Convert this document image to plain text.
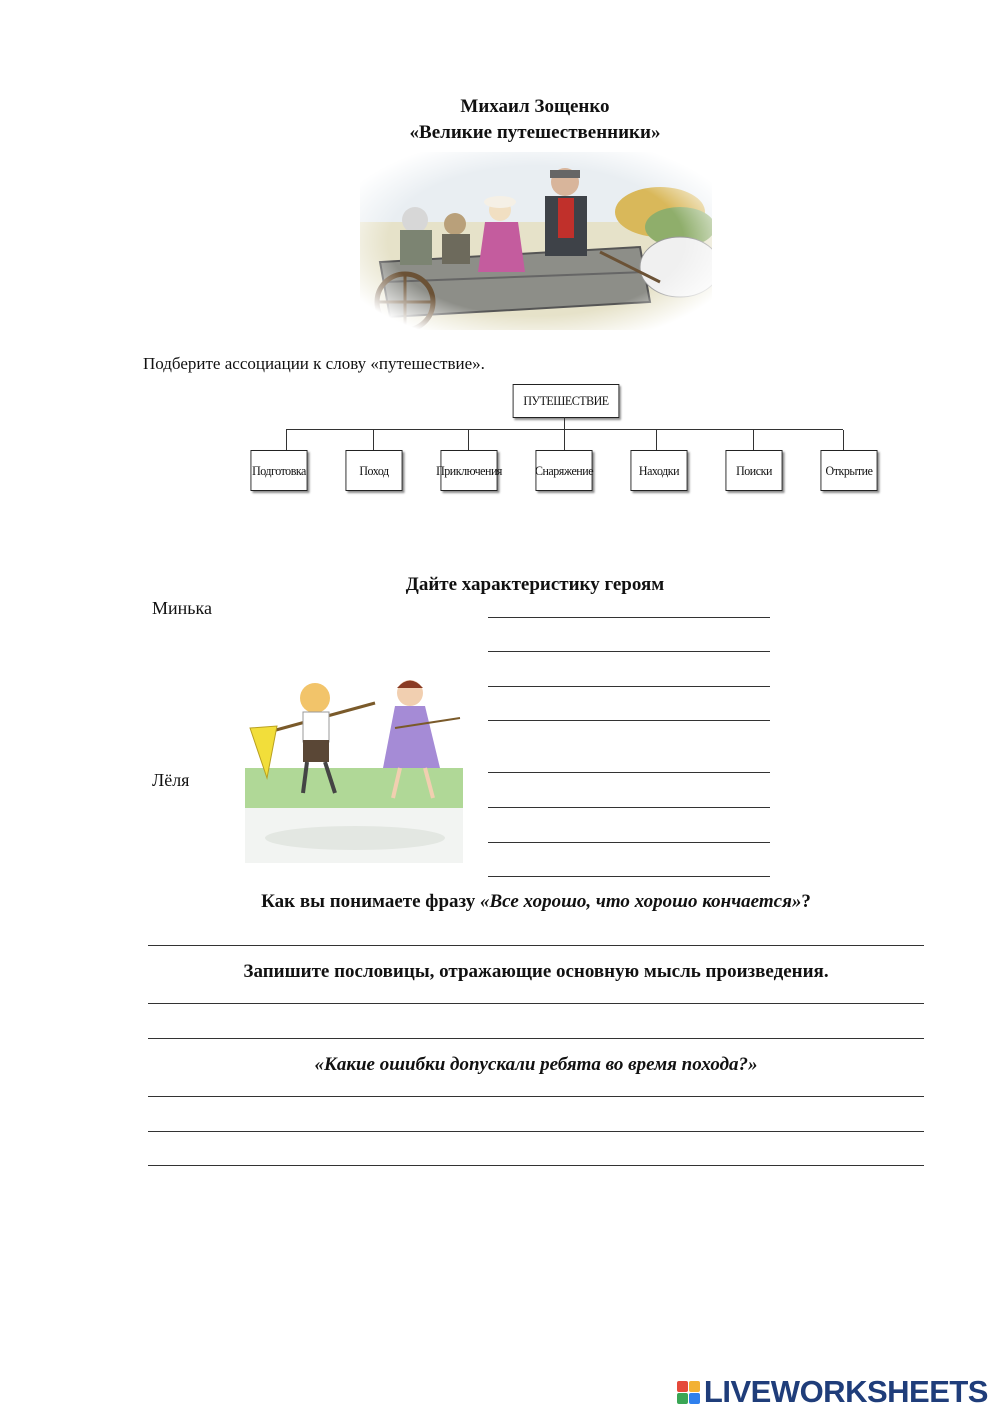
Михаил Зощенко
«Великие путешественники»
Подберите ассоциации к слову «путешествие».
ПУТЕШЕСТВИЕ
Подготовка	Поход	Приключения	Снаряжение	Находки	Поиски	Открытие
Дайте характеристику героям
Минька
Лёля
Как вы понимаете фразу «Все хорошо, что хорошо кончается»?
Запишите пословицы, отражающие основную мысль произведения.
«Какие ошибки допускали ребята во время похода?»
LIVEWORKSHEETS
